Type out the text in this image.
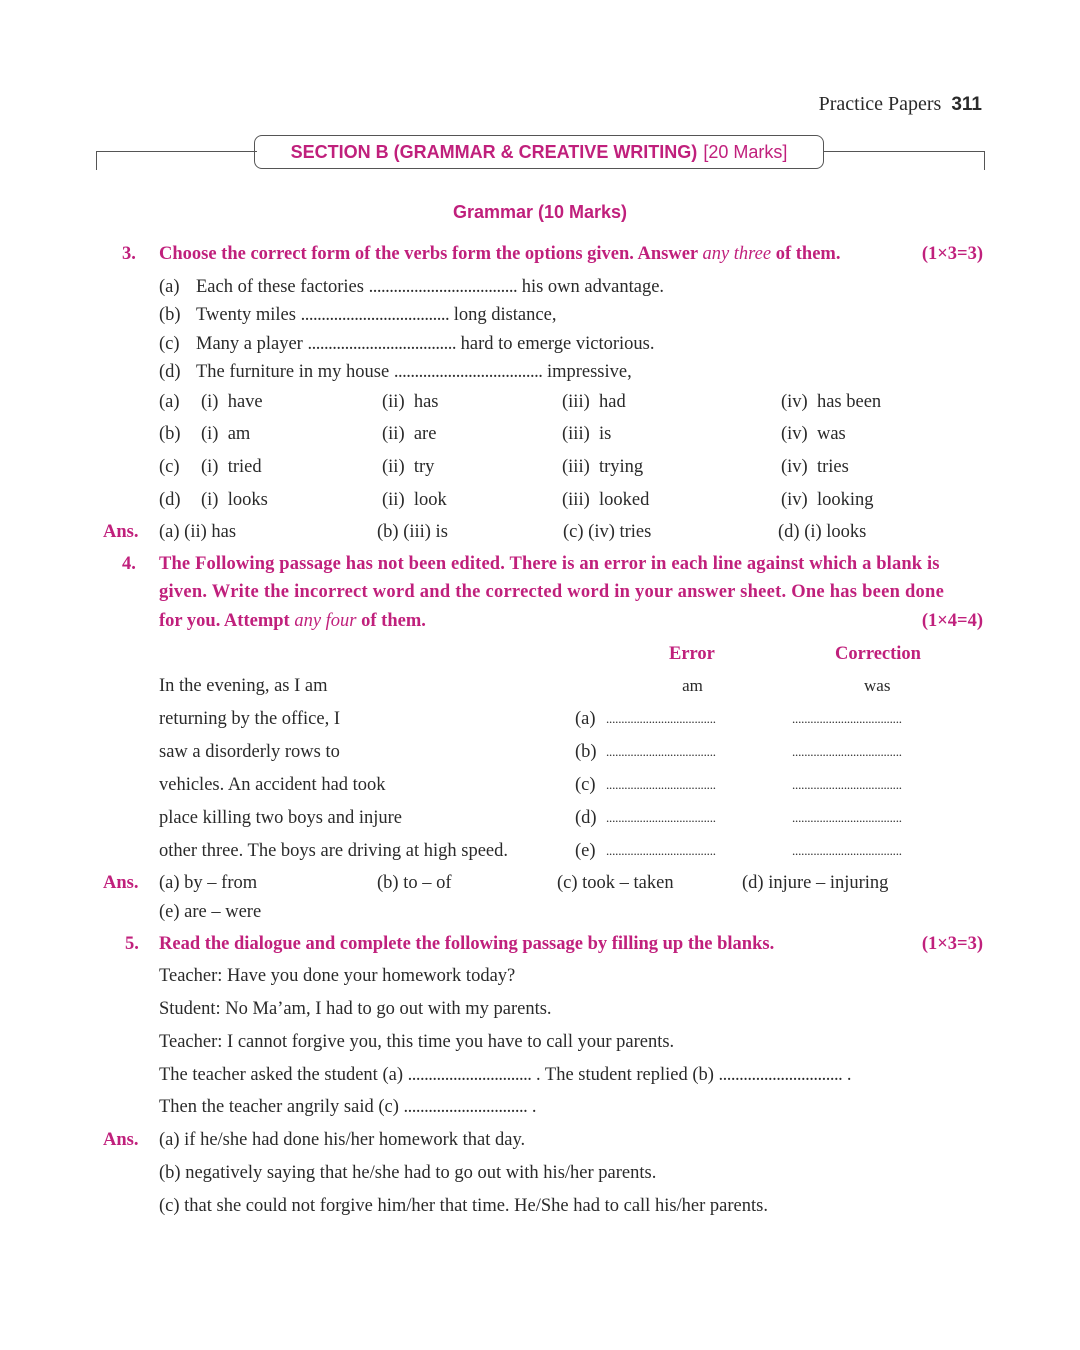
Practice Papers 311
SECTION B (GRAMMAR & CREATIVE WRITING) [20 Marks]
Grammar (10 Marks)
3. Choose the correct form of the verbs form the options given. Answer any three of them.	(1×3=3)
(a) Each of these factories .................................... his own advantage.
(b) Twenty miles .................................... long distance,
(c) Many a player .................................... hard to emerge victorious.
(d) The furniture in my house .................................... impressive,
(a) (i)  have	(ii)  has	(iii)  had	(iv)  has been
(b) (i)  am	(ii)  are	(iii)  is	(iv)  was
(c) (i)  tried	(ii)  try	(iii)  trying	(iv)  tries
(d) (i)  looks	(ii)  look	(iii)  looked	(iv)  looking
Ans. (a) (ii) has	(b) (iii) is	(c) (iv) tries	(d) (i) looks
4. The Following passage has not been edited. There is an error in each line against which a blank is
given. Write the incorrect word and the corrected word in your answer sheet. One has been done
for you. Attempt any four of them.	(1×4=4)
Error	Correction
In the evening, as I am	am	was
returning by the office, I	(a) ....................................	....................................
saw a disorderly rows to	(b) ....................................	....................................
vehicles. An accident had took	(c) ....................................	....................................
place killing two boys and injure	(d) ....................................	....................................
other three. The boys are driving at high speed.	(e) ....................................	....................................
Ans. (a) by – from	(b) to – of	(c) took – taken	(d) injure – injuring
(e) are – were
5. Read the dialogue and complete the following passage by filling up the blanks.	(1×3=3)
Teacher: Have you done your homework today?
Student: No Ma’am, I had to go out with my parents.
Teacher: I cannot forgive you, this time you have to call your parents.
The teacher asked the student (a) .............................. . The student replied (b) .............................. .
Then the teacher angrily said (c) .............................. .
Ans. (a) if he/she had done his/her homework that day.
(b) negatively saying that he/she had to go out with his/her parents.
(c) that she could not forgive him/her that time. He/She had to call his/her parents.
